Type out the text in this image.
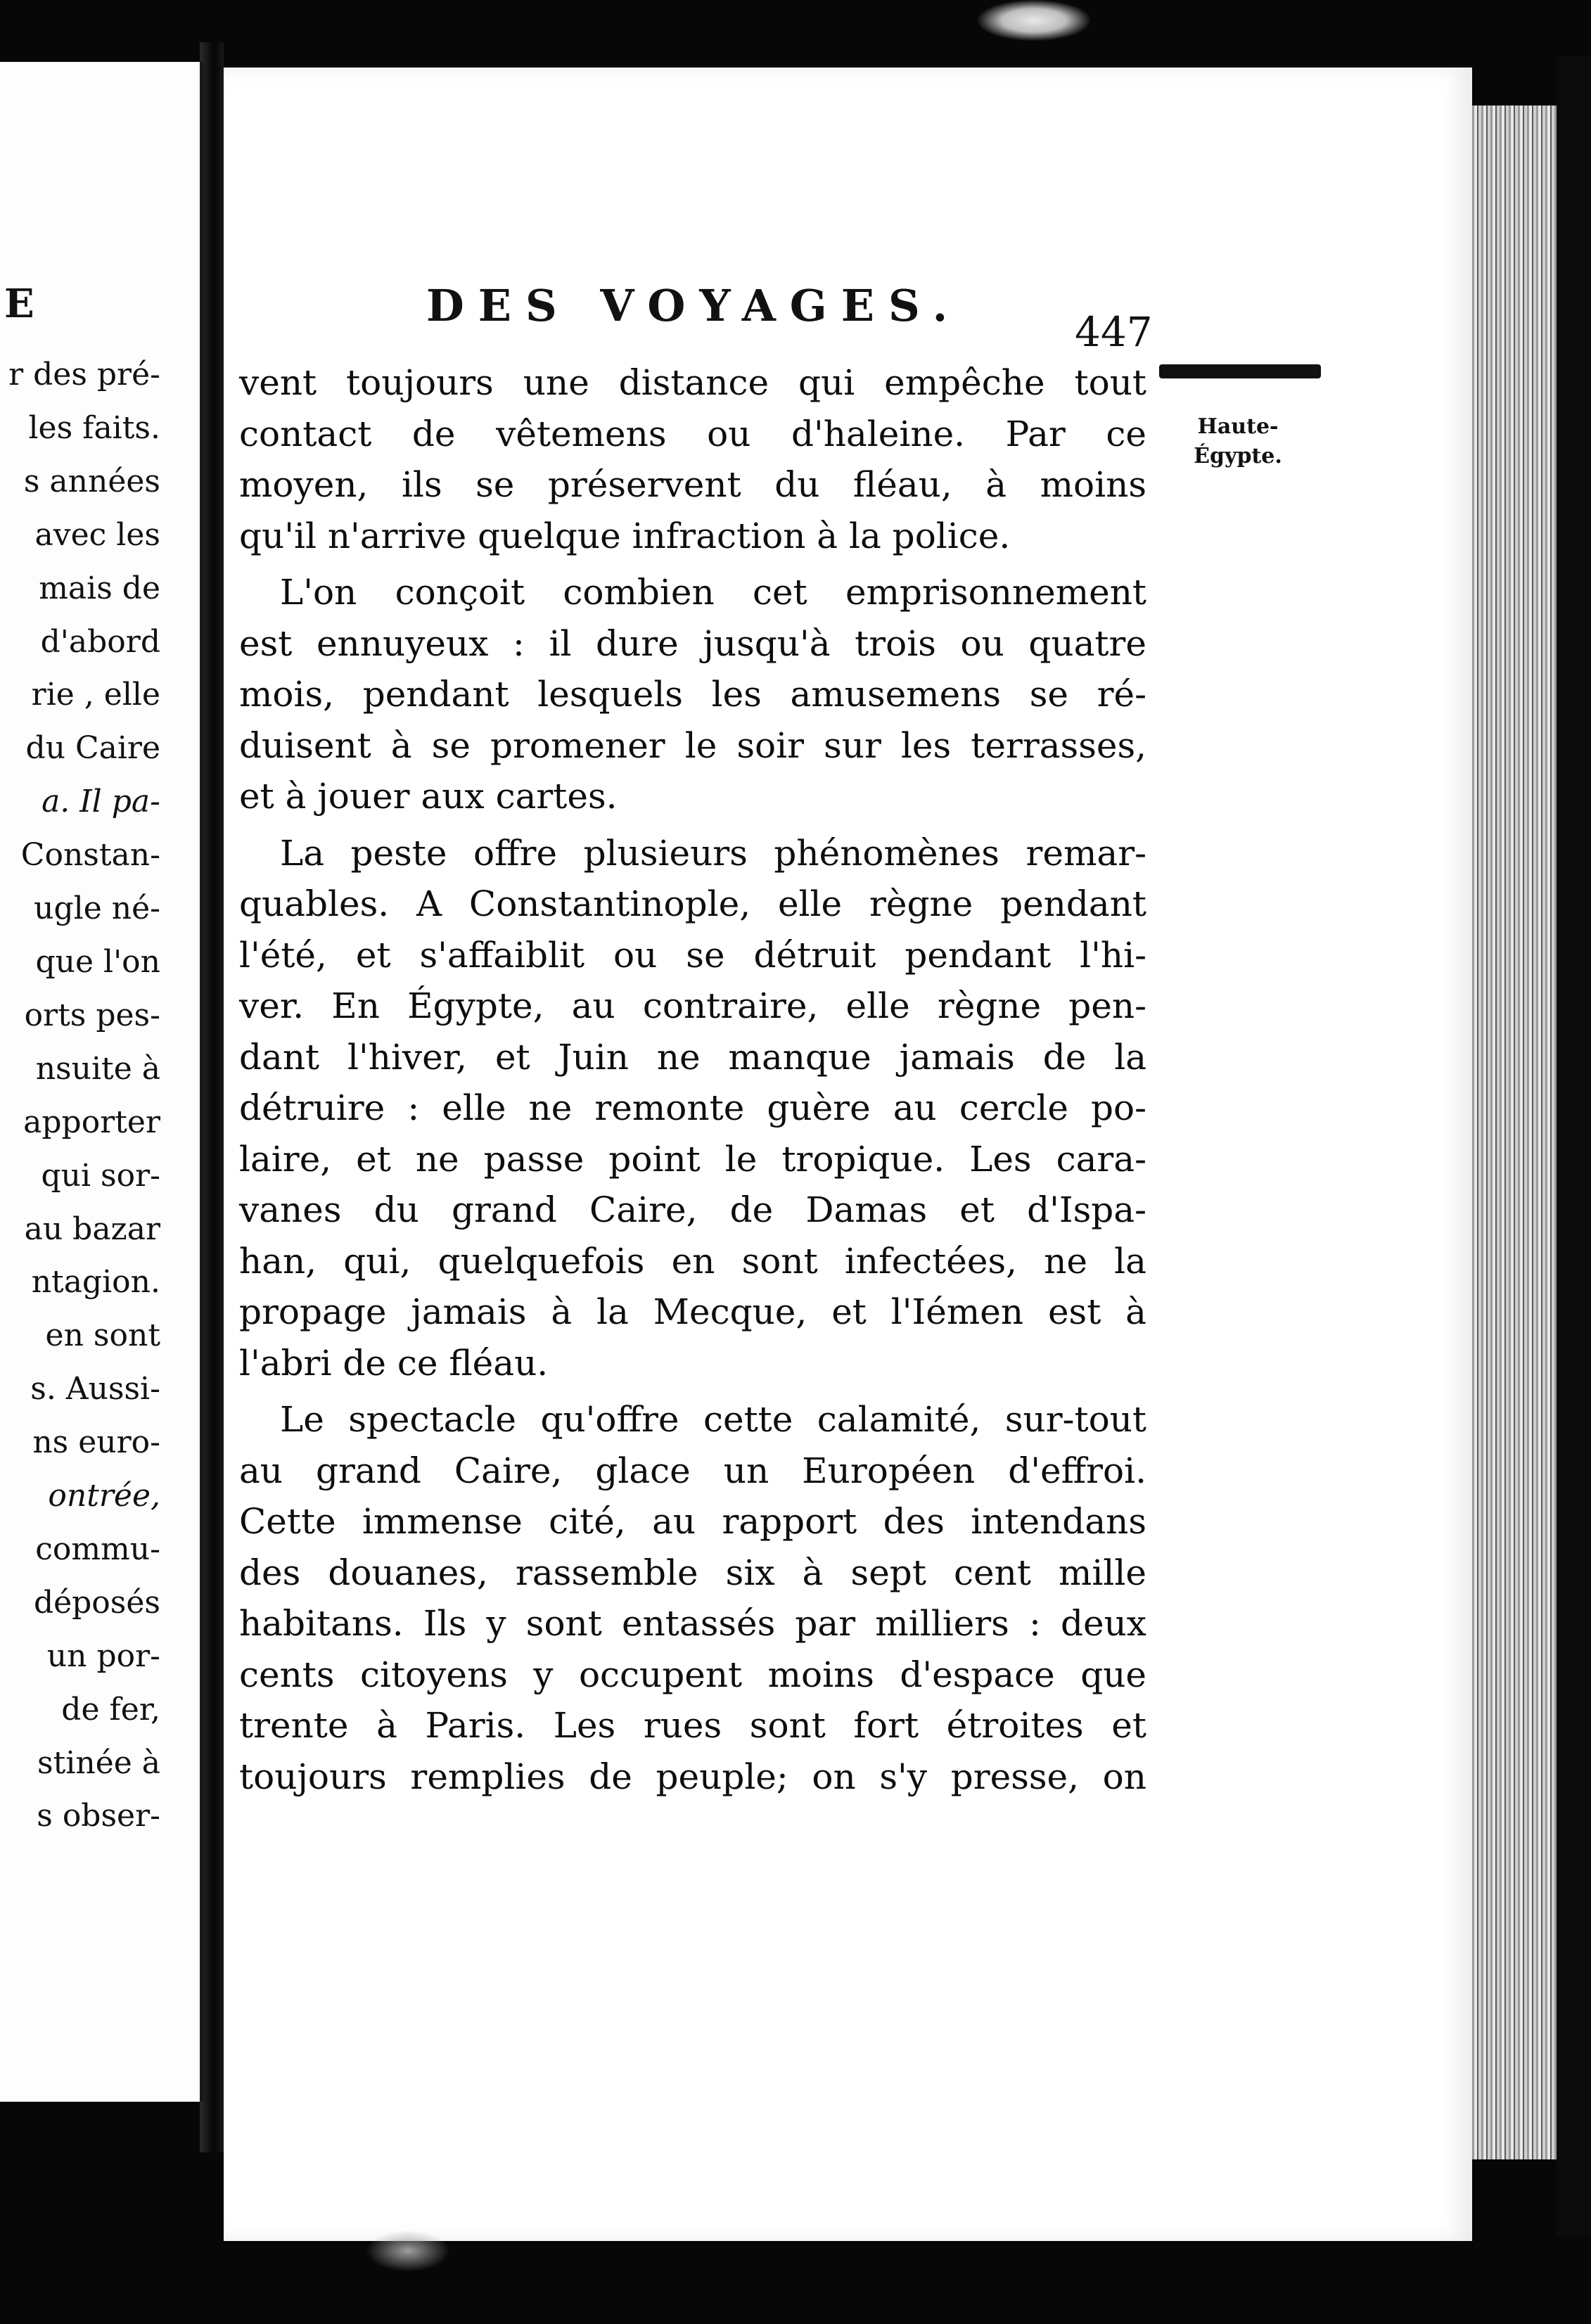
E
r des pré-
les faits.
s années
avec les
mais de
d'abord
rie , elle
du Caire
a. Il pa-
Constan-
ugle né-
que l'on
orts pes-
nsuite à
apporter
qui sor-
au bazar
ntagion.
en sont
s. Aussi-
ns euro-
ontrée,
commu-
déposés
un por-
de fer,
stinée à
s obser-
DES VOYAGES.
447
Haute-
Égypte.
vent toujours une distance qui empêche tout
contact de vêtemens ou d'haleine. Par ce
moyen, ils se préservent du fléau, à moins
qu'il n'arrive quelque infraction à la police.
L'on conçoit combien cet emprisonnement
est ennuyeux : il dure jusqu'à trois ou quatre
mois, pendant lesquels les amusemens se ré-
duisent à se promener le soir sur les terrasses,
et à jouer aux cartes.
La peste offre plusieurs phénomènes remar-
quables. A Constantinople, elle règne pendant
l'été, et s'affaiblit ou se détruit pendant l'hi-
ver. En Égypte, au contraire, elle règne pen-
dant l'hiver, et Juin ne manque jamais de la
détruire : elle ne remonte guère au cercle po-
laire, et ne passe point le tropique. Les cara-
vanes du grand Caire, de Damas et d'Ispa-
han, qui, quelquefois en sont infectées, ne la
propage jamais à la Mecque, et l'Iémen est à
l'abri de ce fléau.
Le spectacle qu'offre cette calamité, sur-tout
au grand Caire, glace un Européen d'effroi.
Cette immense cité, au rapport des intendans
des douanes, rassemble six à sept cent mille
habitans. Ils y sont entassés par milliers : deux
cents citoyens y occupent moins d'espace que
trente à Paris. Les rues sont fort étroites et
toujours remplies de peuple; on s'y presse, on
